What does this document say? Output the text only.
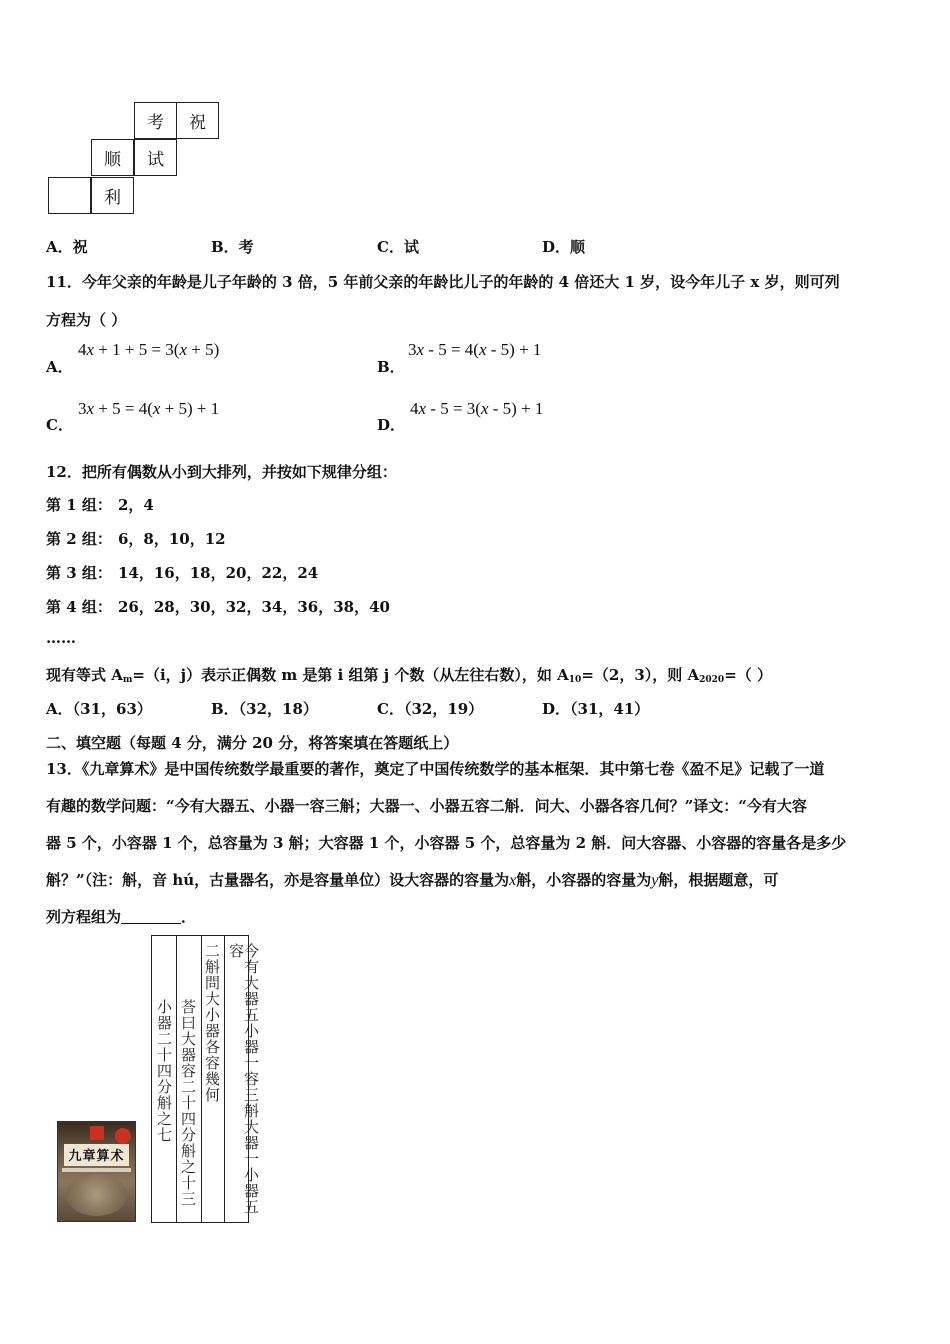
考	祝
顺	试
利
A．祝	B．考	C．试	D．顺
11．今年父亲的年龄是儿子年龄的 3 倍，5 年前父亲的年龄比儿子的年龄的 4 倍还大 1 岁，设今年儿子 x 岁，则可列
方程为（ ）
A．
4x + 1 + 5 = 3(x + 5)
B．
3x - 5 = 4(x - 5) + 1
C．
3x + 5 = 4(x + 5) + 1
D．
4x - 5 = 3(x - 5) + 1
12．把所有偶数从小到大排列，并按如下规律分组：
第 1 组： 2，4
第 2 组： 6，8，10，12
第 3 组： 14，16，18，20，22，24
第 4 组： 26，28，30，32，34，36，38，40
……
现有等式 $A_m=(i$，j）表示正偶数 m 是第 i 组第 j 个数（从左往右数），如 $A_{10}=(2$，3），则 $A_{2020}=$（ ）
A．（31，63）	B．（32，18）	C．（32，19）	D．（31，41）
二、填空题（每题 4 分，满分 20 分，将答案填在答题纸上）
13．《九章算术》是中国传统数学最重要的著作，奠定了中国传统数学的基本框架．其中第七卷《盈不足》记载了一道
有趣的数学问题：“今有大器五、小器一容三斛；大器一、小器五容二斛．问大、小器各容几何？”译文：“今有大容
器 5 个，小容器 1 个，总容量为 3 斛；大容器 1 个，小容器 5 个，总容量为 2 斛．问大容器、小容器的容量各是多少
斛？”（注：斛，音 hú，古量器名，亦是容量单位）设大容器的容量为x斛，小容器的容量为y斛，根据题意，可
列方程组为	．
九章算术	今有大器五小器一容三斛大器一小器五容
二斛問大小器各容幾何
荅曰大器容二十四分斛之十三
小器二十四分斛之七
